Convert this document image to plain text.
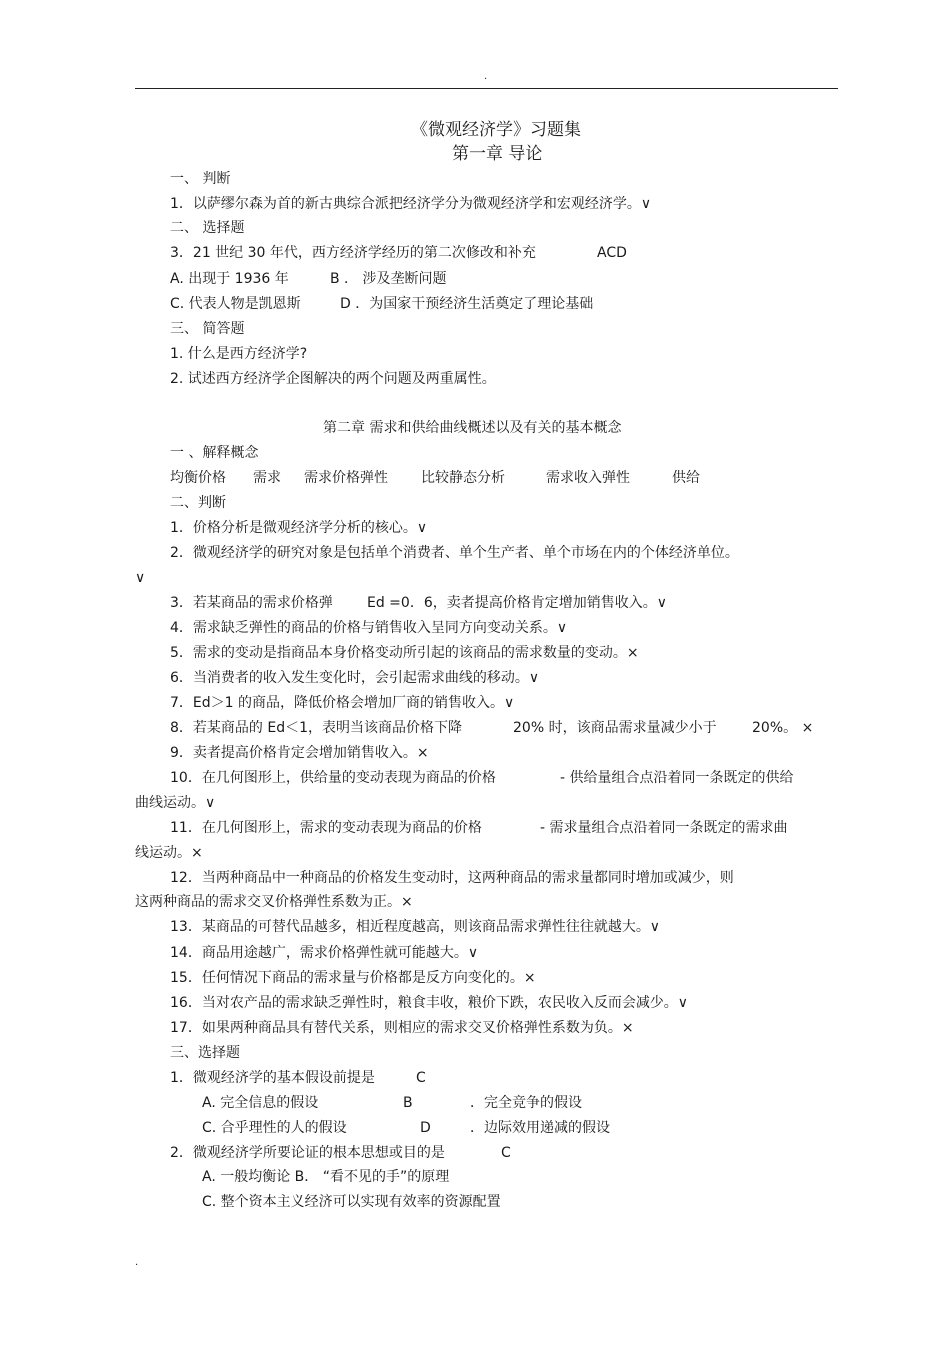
.
《微观经济学》习题集
第一章 导论
一、 判断
1．以萨缪尔森为首的新古典综合派把经济学分为微观经济学和宏观经济学。∨
二、 选择题
3．21 世纪 30 年代，西方经济学经历的第二次修改和补充	ACD
A. 出现于 1936 年	B ． 涉及垄断问题
C. 代表人物是凯恩斯	D ．为国家干预经济生活奠定了理论基础
三、 简答题
1. 什么是西方经济学?
2. 试述西方经济学企图解决的两个问题及两重属性。
第二章 需求和供给曲线概述以及有关的基本概念
一 、解释概念
均衡价格 需求 需求价格弹性 比较静态分析	需求收入弹性	供给
二、判断
1．价格分析是微观经济学分析的核心。∨
2．微观经济学的研究对象是包括单个消费者、单个生产者、单个市场在内的个体经济单位。
∨
3．若某商品的需求价格弹 Ed =0．6，卖者提高价格肯定增加销售收入。∨
4．需求缺乏弹性的商品的价格与销售收入呈同方向变动关系。∨
5．需求的变动是指商品本身价格变动所引起的该商品的需求数量的变动。×
6．当消费者的收入发生变化时，会引起需求曲线的移动。∨
7．Ed＞1 的商品，降低价格会增加厂商的销售收入。∨
8．若某商品的 Ed＜1，表明当该商品价格下降	20% 时，该商品需求量减少小于	20%。 ×
9．卖者提高价格肯定会增加销售收入。×
10．在几何图形上，供给量的变动表现为商品的价格	- 供给量组合点沿着同一条既定的供给
曲线运动。∨
11．在几何图形上，需求的变动表现为商品的价格	- 需求量组合点沿着同一条既定的需求曲
线运动。×
12．当两种商品中一种商品的价格发生变动时，这两种商品的需求量都同时增加或减少，则
这两种商品的需求交叉价格弹性系数为正。×
13．某商品的可替代品越多，相近程度越高，则该商品需求弹性往往就越大。∨
14．商品用途越广，需求价格弹性就可能越大。∨
15．任何情况下商品的需求量与价格都是反方向变化的。×
16．当对农产品的需求缺乏弹性时，粮食丰收，粮价下跌，农民收入反而会减少。∨
17．如果两种商品具有替代关系，则相应的需求交叉价格弹性系数为负。×
三、选择题
1．微观经济学的基本假设前提是	C
A. 完全信息的假设	B	．完全竞争的假设
C. 合乎理性的人的假设	D	．边际效用递减的假设
2．微观经济学所要论证的根本思想或目的是	C
A. 一般均衡论 B． “看不见的手”的原理
C. 整个资本主义经济可以实现有效率的资源配置
.
